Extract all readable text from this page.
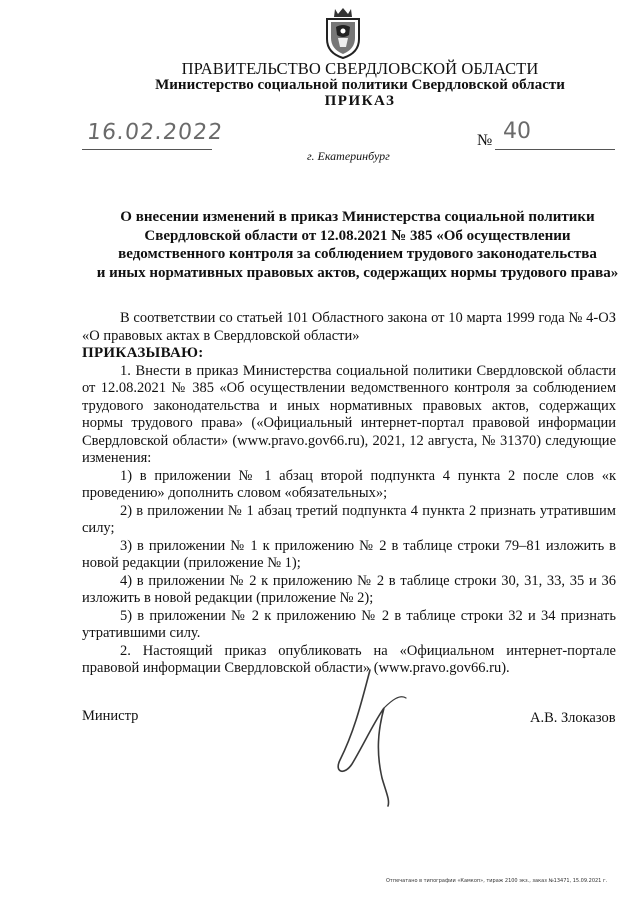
ПРАВИТЕЛЬСТВО СВЕРДЛОВСКОЙ ОБЛАСТИ
Министерство социальной политики Свердловской области
ПРИКАЗ
16.02.2022	№ 40
г. Екатеринбург
О внесении изменений в приказ Министерства социальной политики
Свердловской области от 12.08.2021 № 385 «Об осуществлении
ведомственного контроля за соблюдением трудового законодательства
и иных нормативных правовых актов, содержащих нормы трудового права»

В соответствии со статьей 101 Областного закона от 10 марта 1999 года № 4-ОЗ «О правовых актах в Свердловской области»

ПРИКАЗЫВАЮ:

1. Внести в приказ Министерства социальной политики Свердловской области от 12.08.2021 № 385 «Об осуществлении ведомственного контроля за соблюдением трудового законодательства и иных нормативных правовых актов, содержащих нормы трудового права» («Официальный интернет-портал правовой информации Свердловской области» (www.pravo.gov66.ru), 2021, 12 августа, № 31370) следующие изменения:

1) в приложении № 1 абзац второй подпункта 4 пункта 2 после слов «к проведению» дополнить словом «обязательных»;

2) в приложении № 1 абзац третий подпункта 4 пункта 2 признать утратившим силу;

3) в приложении № 1 к приложению № 2 в таблице строки 79–81 изложить в новой редакции (приложение № 1);

4) в приложении № 2 к приложению № 2 в таблице строки 30, 31, 33, 35 и 36 изложить в новой редакции (приложение № 2);

5) в приложении № 2 к приложению № 2 в таблице строки 32 и 34 признать утратившими силу.

2. Настоящий приказ опубликовать на «Официальном интернет-портале правовой информации Свердловской области» (www.pravo.gov66.ru).

Министр	А.В. Злоказов
Отпечатано в типографии «Камкоп», тираж 2100 экз., заказ №13471, 15.09.2021 г.
